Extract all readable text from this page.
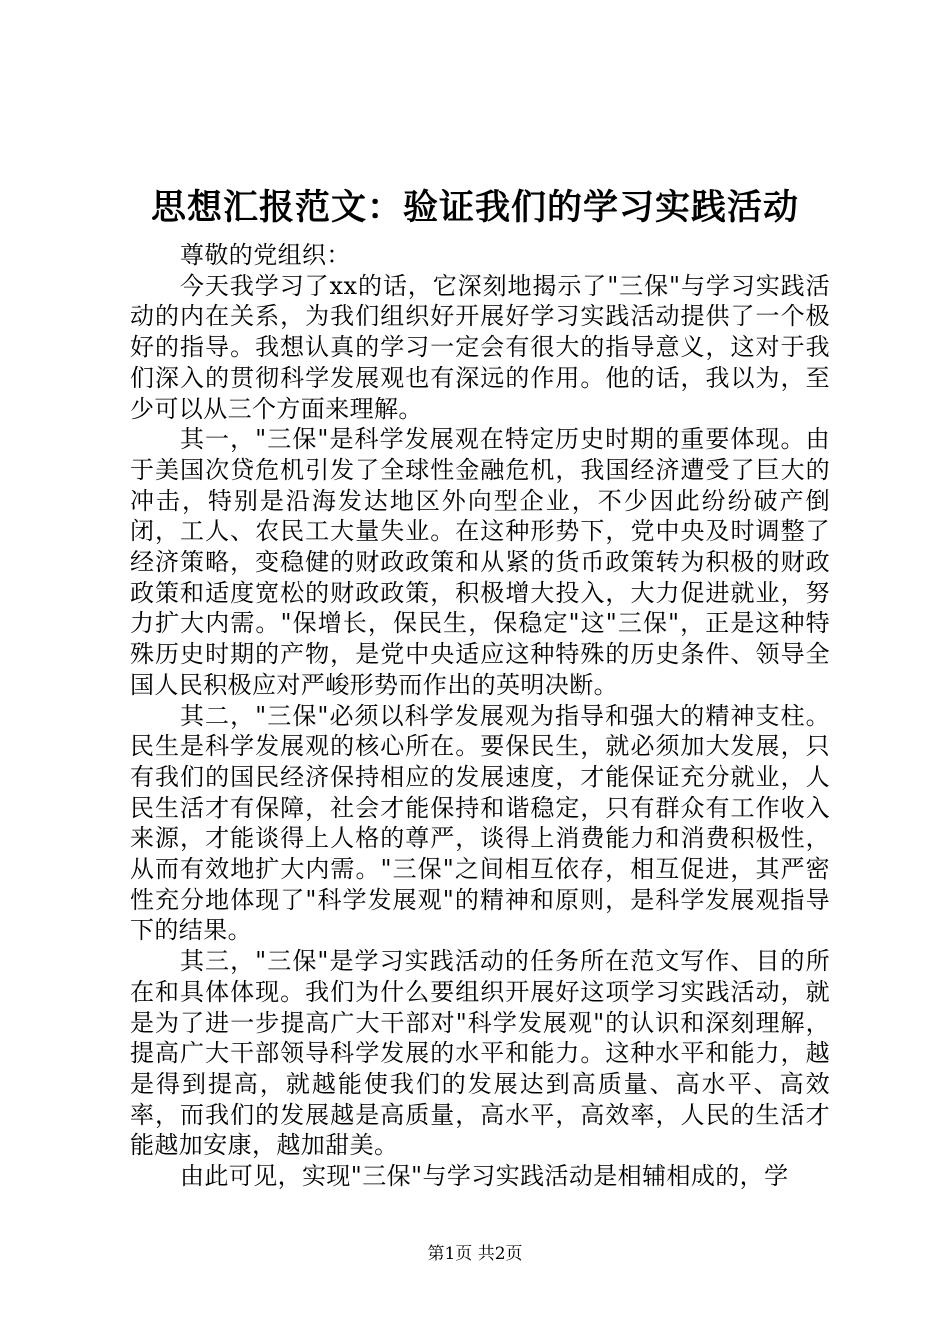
思想汇报范文：验证我们的学习实践活动

尊敬的党组织：

今天我学习了xx的话，它深刻地揭示了"三保"与学习实践活动的内在关系，为我们组织好开展好学习实践活动提供了一个极好的指导。我想认真的学习一定会有很大的指导意义，这对于我们深入的贯彻科学发展观也有深远的作用。他的话，我以为，至少可以从三个方面来理解。

其一，"三保"是科学发展观在特定历史时期的重要体现。由于美国次贷危机引发了全球性金融危机，我国经济遭受了巨大的冲击，特别是沿海发达地区外向型企业，不少因此纷纷破产倒闭，工人、农民工大量失业。在这种形势下，党中央及时调整了经济策略，变稳健的财政政策和从紧的货币政策转为积极的财政政策和适度宽松的财政政策，积极增大投入，大力促进就业，努力扩大内需。"保增长，保民生，保稳定"这"三保"，正是这种特殊历史时期的产物，是党中央适应这种特殊的历史条件、领导全国人民积极应对严峻形势而作出的英明决断。

其二，"三保"必须以科学发展观为指导和强大的精神支柱。民生是科学发展观的核心所在。要保民生，就必须加大发展，只有我们的国民经济保持相应的发展速度，才能保证充分就业，人民生活才有保障，社会才能保持和谐稳定，只有群众有工作收入来源，才能谈得上人格的尊严，谈得上消费能力和消费积极性，从而有效地扩大内需。"三保"之间相互依存，相互促进，其严密性充分地体现了"科学发展观"的精神和原则，是科学发展观指导下的结果。

其三，"三保"是学习实践活动的任务所在范文写作、目的所在和具体体现。我们为什么要组织开展好这项学习实践活动，就是为了进一步提高广大干部对"科学发展观"的认识和深刻理解，提高广大干部领导科学发展的水平和能力。这种水平和能力，越是得到提高，就越能使我们的发展达到高质量、高水平、高效率，而我们的发展越是高质量，高水平，高效率，人民的生活才能越加安康，越加甜美。

由此可见，实现"三保"与学习实践活动是相辅相成的，学

第1页 共2页
